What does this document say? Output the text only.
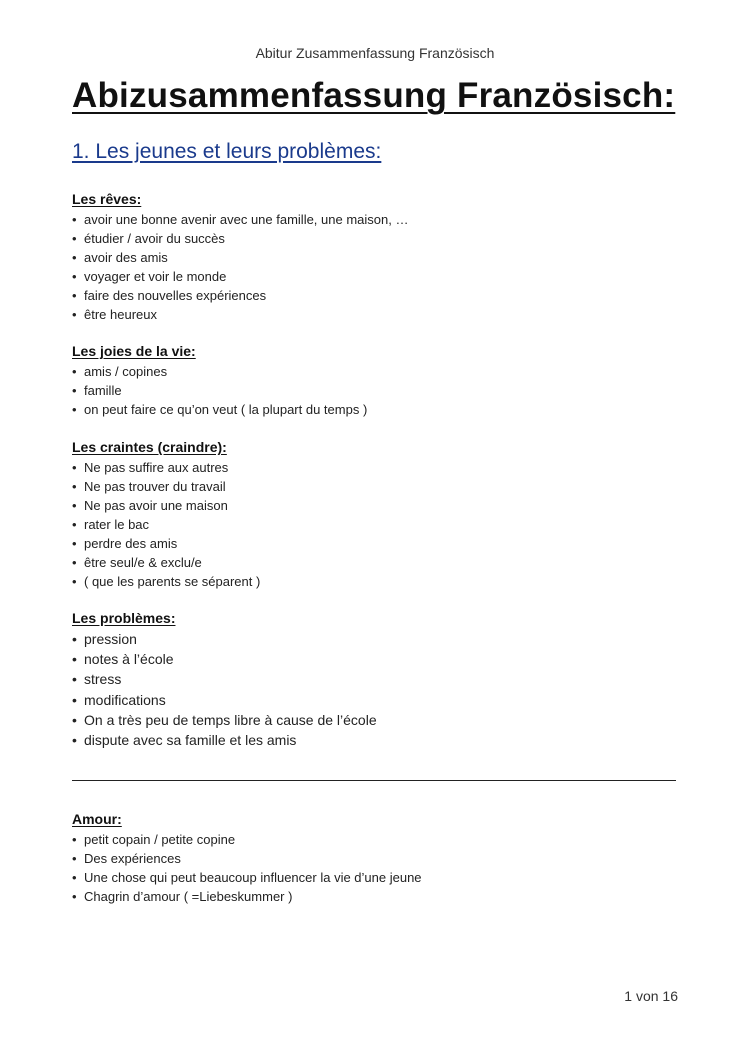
Abitur Zusammenfassung Französisch
Abizusammenfassung Französisch:
1. Les jeunes et leurs problèmes:
Les rêves:
• avoir une bonne avenir avec une famille, une maison, …
• étudier / avoir du succès
• avoir des amis
• voyager et voir le monde
• faire des nouvelles expériences
• être heureux
Les joies de la vie:
• amis / copines
• famille
• on peut faire ce qu’on veut ( la plupart du temps )
Les craintes (craindre):
• Ne pas suffire aux autres
• Ne pas trouver du travail
• Ne pas avoir une maison
• rater le bac
• perdre des amis
• être seul/e & exclu/e
• ( que les parents se séparent )
Les problèmes:
• pression
• notes à l’école
• stress
• modifications
• On a très peu de temps libre à cause de l’école
• dispute avec sa famille et les amis
Amour:
• petit copain / petite copine
• Des expériences
• Une chose qui peut beaucoup influencer la vie d’une jeune
• Chagrin d’amour ( =Liebeskummer )
1 von 16
